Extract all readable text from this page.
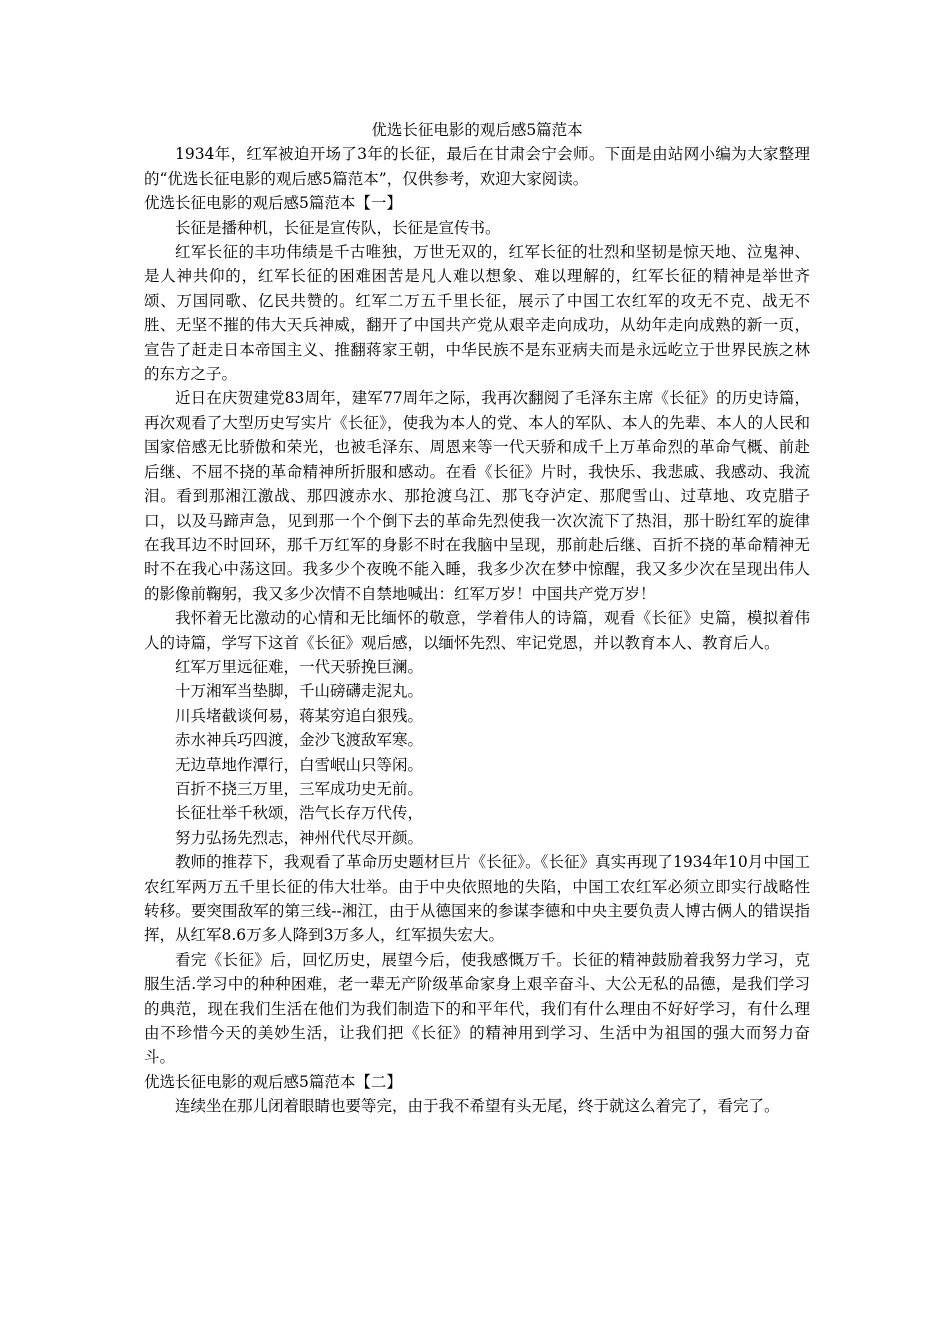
优选长征电影的观后感5篇范本

1934年，红军被迫开场了3年的长征，最后在甘肃会宁会师。下面是由站网小编为大家整理的“优选长征电影的观后感5篇范本”，仅供参考，欢迎大家阅读。

优选长征电影的观后感5篇范本【一】

长征是播种机，长征是宣传队，长征是宣传书。

红军长征的丰功伟绩是千古唯独，万世无双的，红军长征的壮烈和坚韧是惊天地、泣鬼神、是人神共仰的，红军长征的困难困苦是凡人难以想象、难以理解的，红军长征的精神是举世齐颂、万国同歌、亿民共赞的。红军二万五千里长征，展示了中国工农红军的攻无不克、战无不胜、无坚不摧的伟大天兵神威，翻开了中国共产党从艰辛走向成功，从幼年走向成熟的新一页，宣告了赶走日本帝国主义、推翻蒋家王朝，中华民族不是东亚病夫而是永远屹立于世界民族之林的东方之子。

近日在庆贺建党83周年，建军77周年之际，我再次翻阅了毛泽东主席《长征》的历史诗篇，再次观看了大型历史写实片《长征》，使我为本人的党、本人的军队、本人的先辈、本人的人民和国家倍感无比骄傲和荣光，也被毛泽东、周恩来等一代天骄和成千上万革命烈的革命气概、前赴后继、不屈不挠的革命精神所折服和感动。在看《长征》片时，我快乐、我悲戚、我感动、我流泪。看到那湘江激战、那四渡赤水、那抢渡乌江、那飞夺泸定、那爬雪山、过草地、攻克腊子口，以及马蹄声急，见到那一个个倒下去的革命先烈使我一次次流下了热泪，那十盼红军的旋律在我耳边不时回环，那千万红军的身影不时在我脑中呈现，那前赴后继、百折不挠的革命精神无时不在我心中荡这回。我多少个夜晚不能入睡，我多少次在梦中惊醒，我又多少次在呈现出伟人的影像前鞠躬，我又多少次情不自禁地喊出：红军万岁！中国共产党万岁！

我怀着无比激动的心情和无比缅怀的敬意，学着伟人的诗篇，观看《长征》史篇，模拟着伟人的诗篇，学写下这首《长征》观后感，以缅怀先烈、牢记党恩，并以教育本人、教育后人。

红军万里远征难，一代天骄挽巨澜。

十万湘军当垫脚，千山磅礴走泥丸。

川兵堵截谈何易，蒋某穷追白狠残。

赤水神兵巧四渡，金沙飞渡敌军寒。

无边草地作潭行，白雪岷山只等闲。

百折不挠三万里，三军成功史无前。

长征壮举千秋颂，浩气长存万代传，

努力弘扬先烈志，神州代代尽开颜。

教师的推荐下，我观看了革命历史题材巨片《长征》。《长征》真实再现了1934年10月中国工农红军两万五千里长征的伟大壮举。由于中央依照地的失陷，中国工农红军必须立即实行战略性转移。要突围敌军的第三线--湘江，由于从德国来的参谋李德和中央主要负责人博古俩人的错误指挥，从红军8.6万多人降到3万多人，红军损失宏大。

看完《长征》后，回忆历史，展望今后，使我感慨万千。长征的精神鼓励着我努力学习，克服生活.学习中的种种困难，老一辈无产阶级革命家身上艰辛奋斗、大公无私的品德，是我们学习的典范，现在我们生活在他们为我们制造下的和平年代，我们有什么理由不好好学习，有什么理由不珍惜今天的美妙生活，让我们把《长征》的精神用到学习、生活中为祖国的强大而努力奋斗。

优选长征电影的观后感5篇范本【二】

连续坐在那儿闭着眼睛也要等完，由于我不希望有头无尾，终于就这么着完了，看完了。
